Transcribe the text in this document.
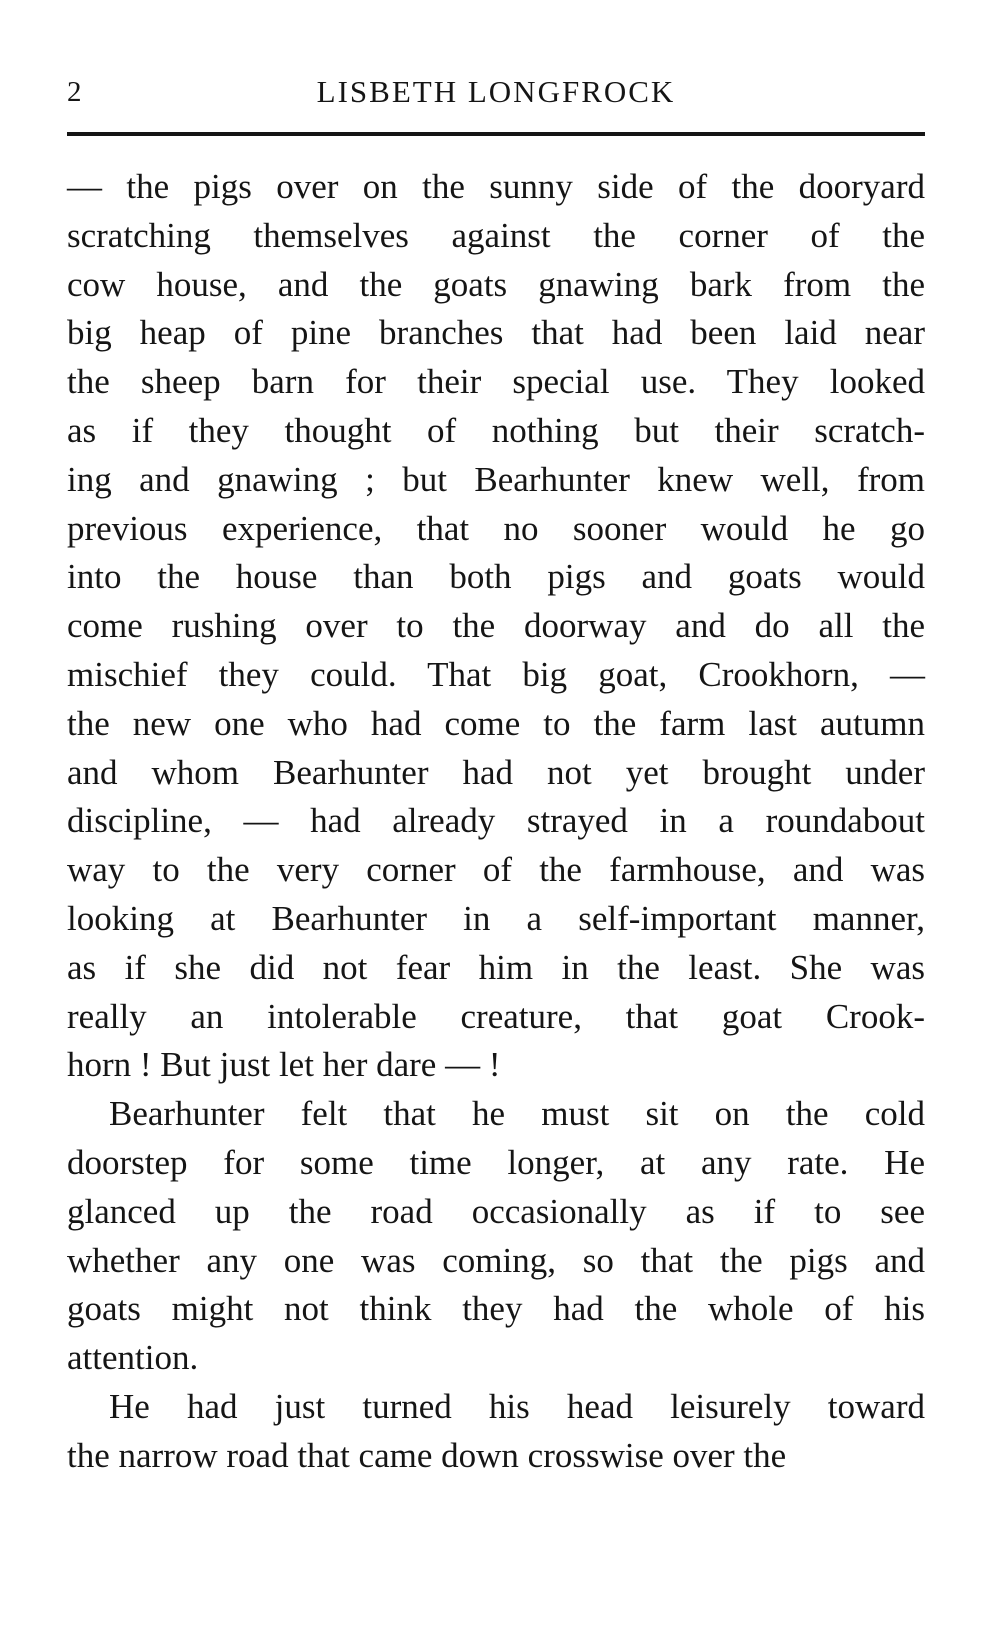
2	LISBETH LONGFROCK
— the pigs over on the sunny side of the dooryard
scratching themselves against the corner of the
cow house, and the goats gnawing bark from the
big heap of pine branches that had been laid near
the sheep barn for their special use. They looked
as if they thought of nothing but their scratch-
ing and gnawing ; but Bearhunter knew well, from
previous experience, that no sooner would he go
into the house than both pigs and goats would
come rushing over to the doorway and do all the
mischief they could. That big goat, Crookhorn, —
the new one who had come to the farm last autumn
and whom Bearhunter had not yet brought under
discipline, — had already strayed in a roundabout
way to the very corner of the farmhouse, and was
looking at Bearhunter in a self-important manner,
as if she did not fear him in the least. She was
really an intolerable creature, that goat Crook-
horn ! But just let her dare — !
Bearhunter felt that he must sit on the cold
doorstep for some time longer, at any rate. He
glanced up the road occasionally as if to see
whether any one was coming, so that the pigs and
goats might not think they had the whole of his
attention.
He had just turned his head leisurely toward
the narrow road that came down crosswise over the
